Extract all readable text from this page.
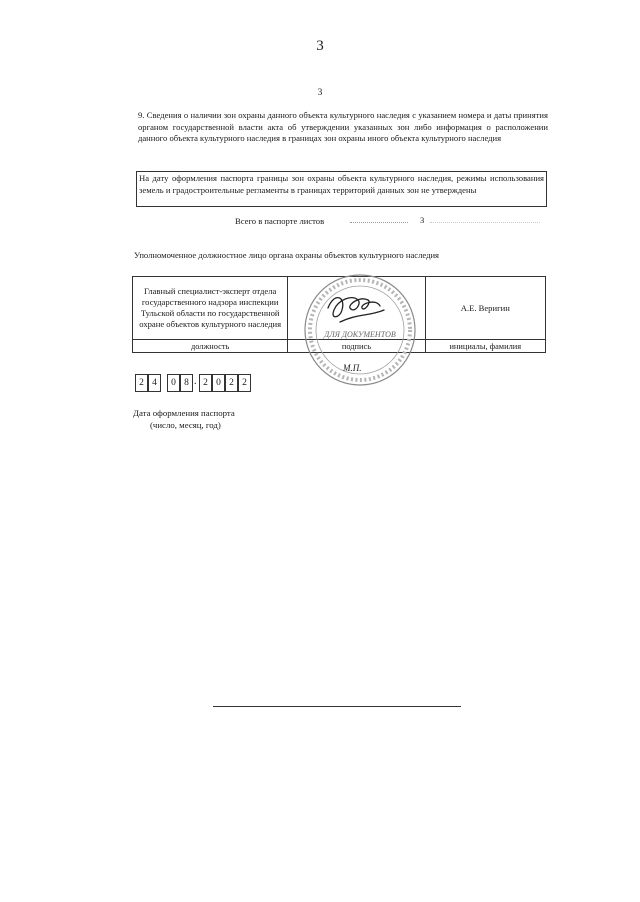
3
3
9. Сведения о наличии зон охраны данного объекта культурного наследия с указанием номера и даты принятия органом государственной власти акта об утверждении указанных зон либо информация о расположении данного объекта культурного наследия в границах зон охраны иного объекта культурного наследия
На дату оформления паспорта границы зон охраны объекта культурного наследия, режимы использования земель и градостроительные регламенты в границах территорий данных зон не утверждены
Всего в паспорте листов	3
Уполномоченное должностное лицо органа охраны объектов культурного наследия
Главный специалист-эксперт отдела государственного надзора инспекции Тульской области по государственной охране объектов культурного наследия		А.Е. Веригин
должность	подпись	инициалы, фамилия
ДЛЯ ДОКУМЕНТОВ
М.П.
2 4	0 8 . 2 0 2 2
Дата оформления паспорта
(число, месяц, год)
